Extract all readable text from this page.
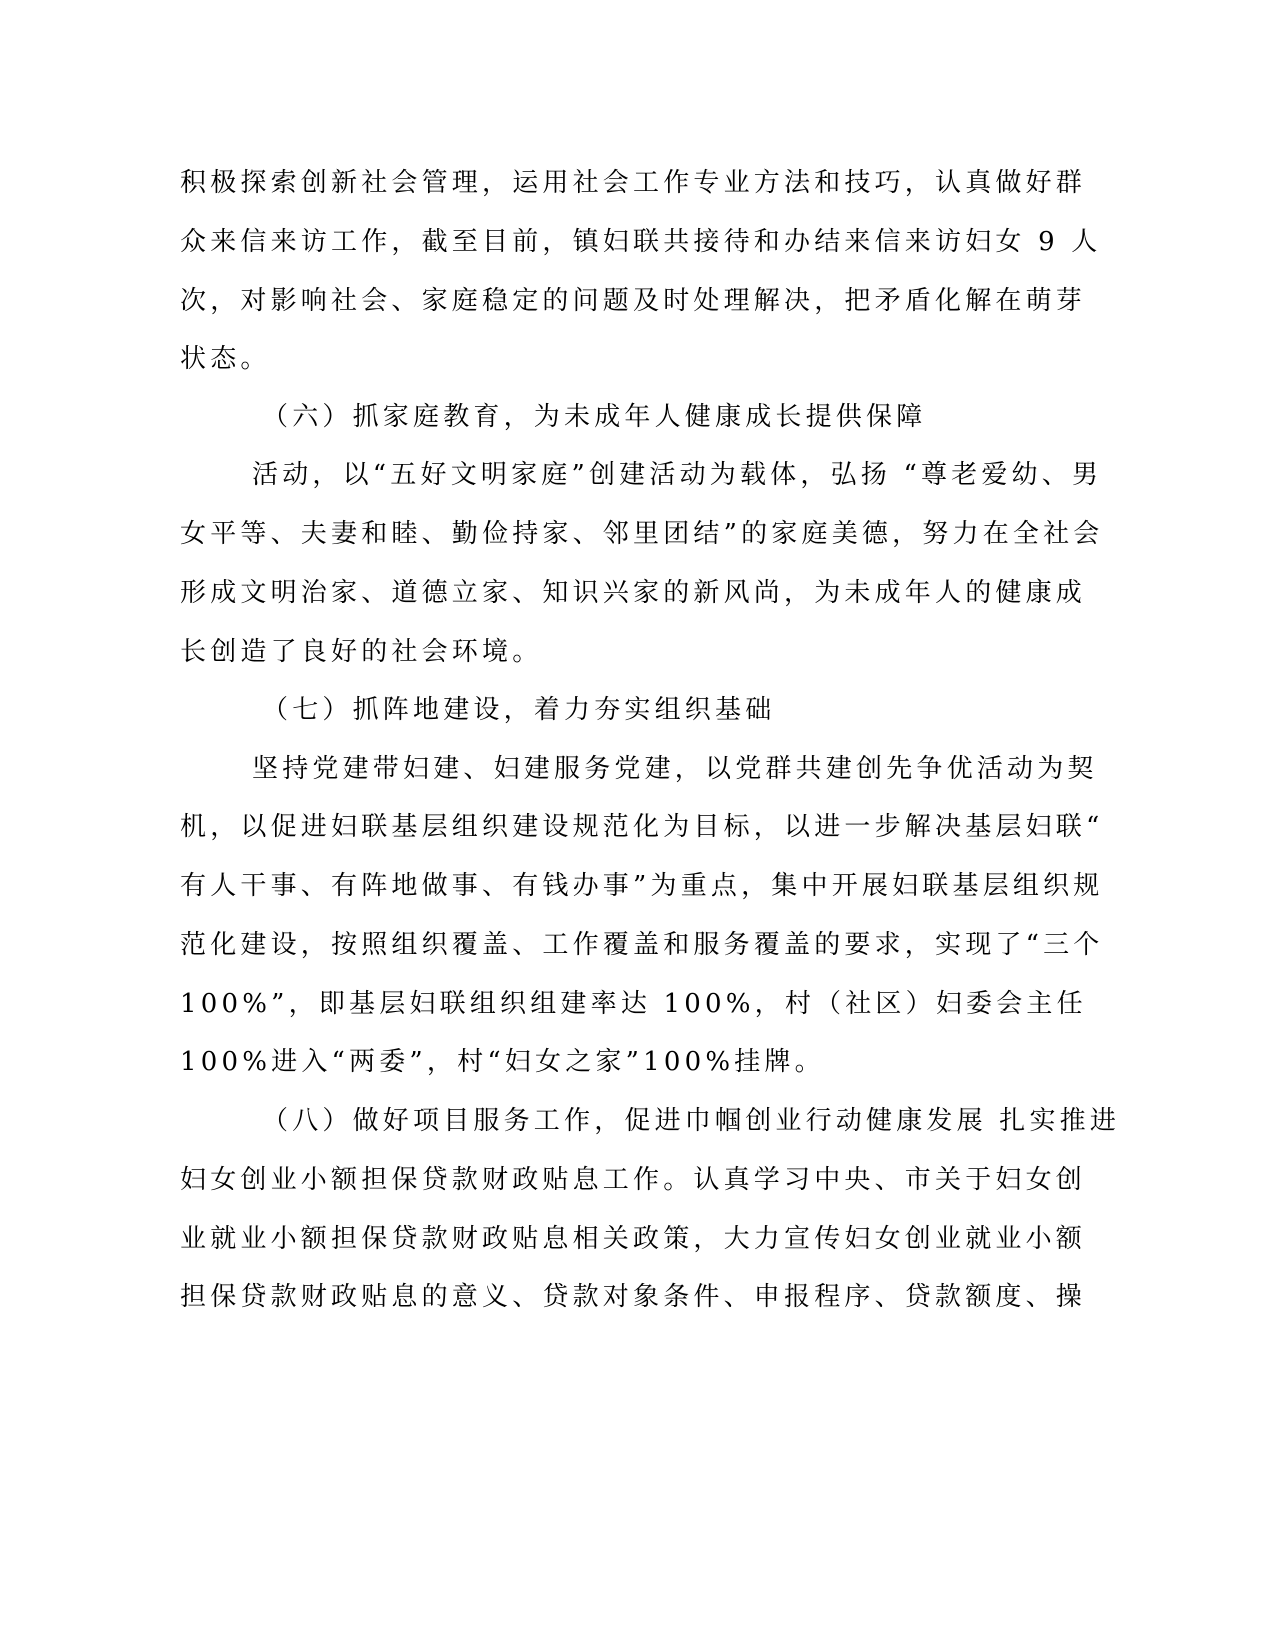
积极探索创新社会管理，运用社会工作专业方法和技巧，认真做好群
众来信来访工作，截至目前，镇妇联共接待和办结来信来访妇女 9 人
次，对影响社会、家庭稳定的问题及时处理解决，把矛盾化解在萌芽
状态。
（六）抓家庭教育，为未成年人健康成长提供保障
活动，以“五好文明家庭”创建活动为载体，弘扬 “尊老爱幼、男
女平等、夫妻和睦、勤俭持家、邻里团结”的家庭美德，努力在全社会
形成文明治家、道德立家、知识兴家的新风尚，为未成年人的健康成
长创造了良好的社会环境。
（七）抓阵地建设，着力夯实组织基础
坚持党建带妇建、妇建服务党建，以党群共建创先争优活动为契
机，以促进妇联基层组织建设规范化为目标，以进一步解决基层妇联“
有人干事、有阵地做事、有钱办事”为重点，集中开展妇联基层组织规
范化建设，按照组织覆盖、工作覆盖和服务覆盖的要求，实现了“三个
100%”，即基层妇联组织组建率达 100%，村（社区）妇委会主任
100%进入“两委”，村“妇女之家”100%挂牌。
（八）做好项目服务工作，促进巾帼创业行动健康发展 扎实推进
妇女创业小额担保贷款财政贴息工作。认真学习中央、市关于妇女创
业就业小额担保贷款财政贴息相关政策，大力宣传妇女创业就业小额
担保贷款财政贴息的意义、贷款对象条件、申报程序、贷款额度、操
